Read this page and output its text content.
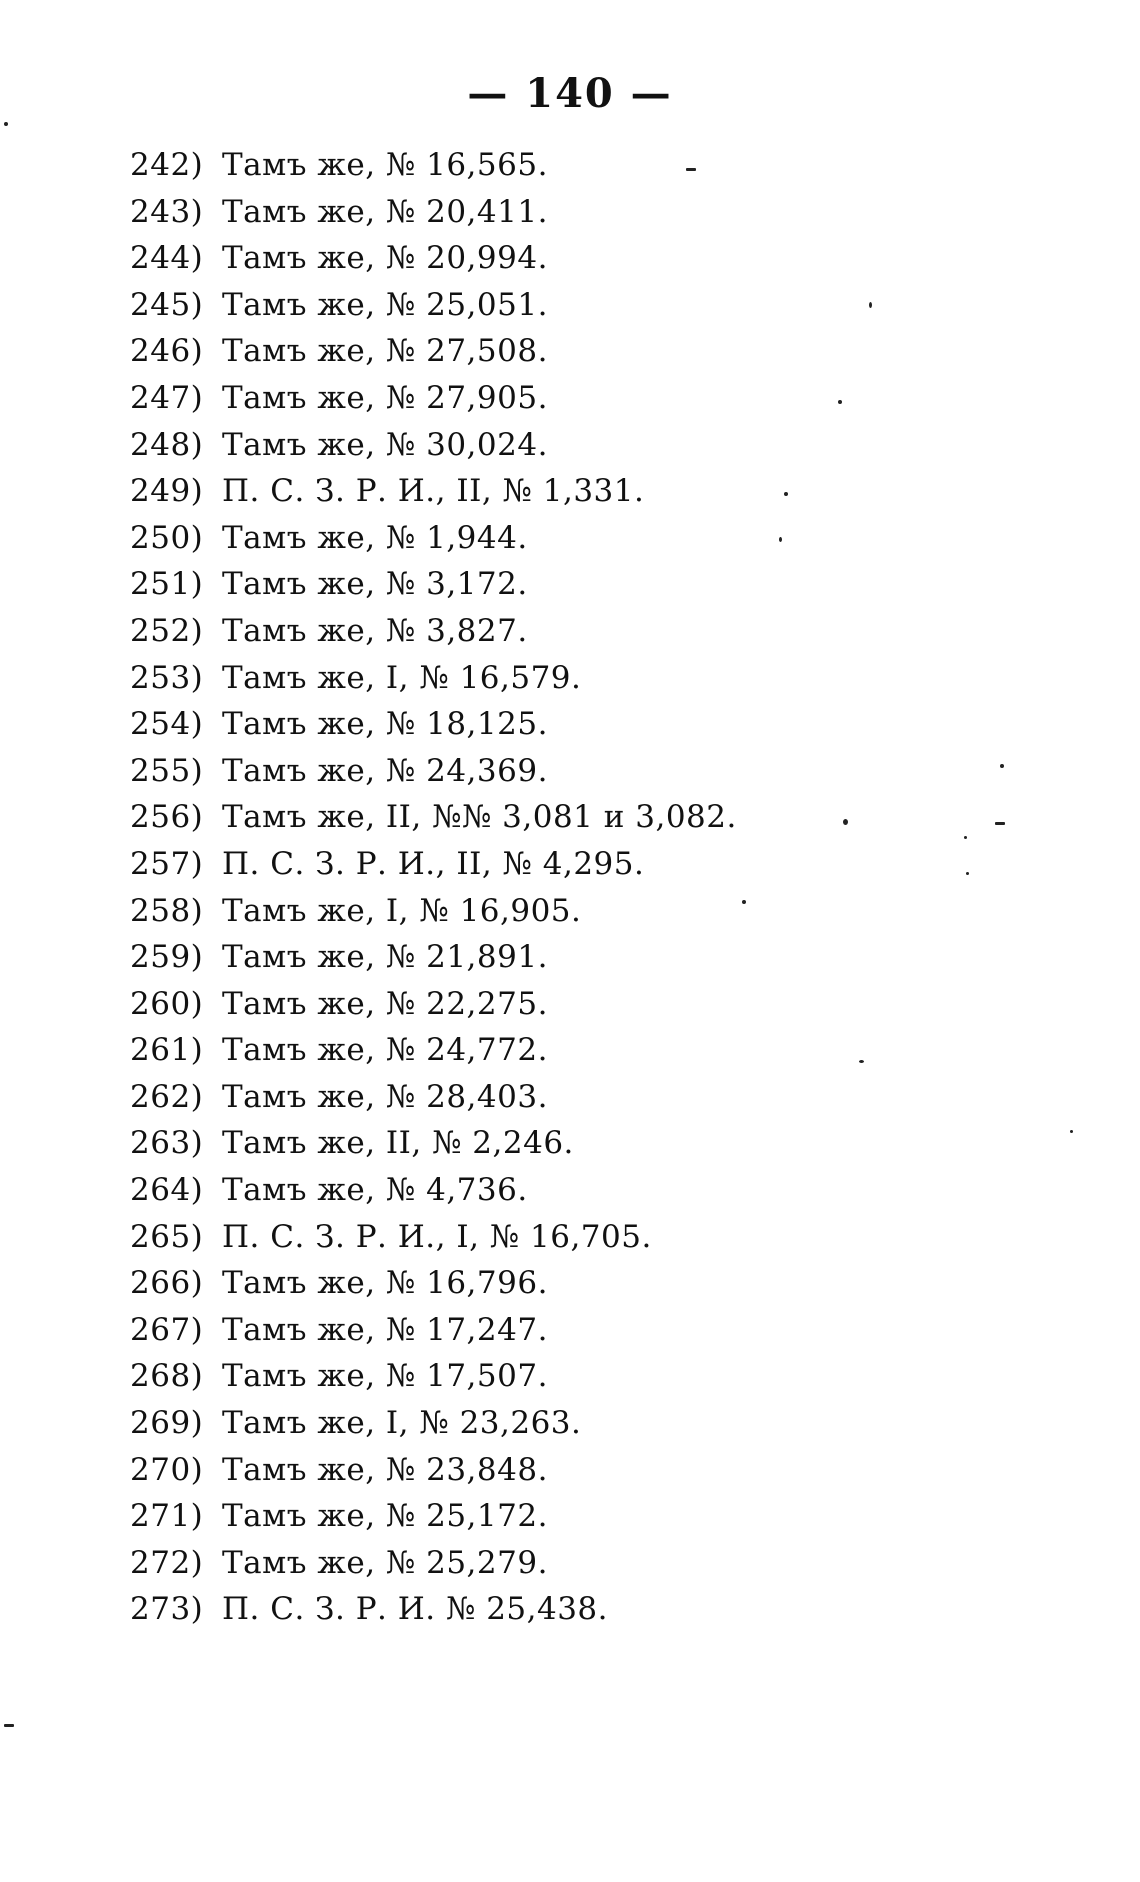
— 140 —
242) Тамъ же, № 16,565.
243) Тамъ же, № 20,411.
244) Тамъ же, № 20,994.
245) Тамъ же, № 25,051.
246) Тамъ же, № 27,508.
247) Тамъ же, № 27,905.
248) Тамъ же, № 30,024.
249) П. С. З. Р. И., II, № 1,331.
250) Тамъ же, № 1,944.
251) Тамъ же, № 3,172.
252) Тамъ же, № 3,827.
253) Тамъ же, I, № 16,579.
254) Тамъ же, № 18,125.
255) Тамъ же, № 24,369.
256) Тамъ же, II, №№ 3,081 и 3,082.
257) П. С. З. Р. И., II, № 4,295.
258) Тамъ же, I, № 16,905.
259) Тамъ же, № 21,891.
260) Тамъ же, № 22,275.
261) Тамъ же, № 24,772.
262) Тамъ же, № 28,403.
263) Тамъ же, II, № 2,246.
264) Тамъ же, № 4,736.
265) П. С. З. Р. И., I, № 16,705.
266) Тамъ же, № 16,796.
267) Тамъ же, № 17,247.
268) Тамъ же, № 17,507.
269) Тамъ же, I, № 23,263.
270) Тамъ же, № 23,848.
271) Тамъ же, № 25,172.
272) Тамъ же, № 25,279.
273) П. С. З. Р. И. № 25,438.
